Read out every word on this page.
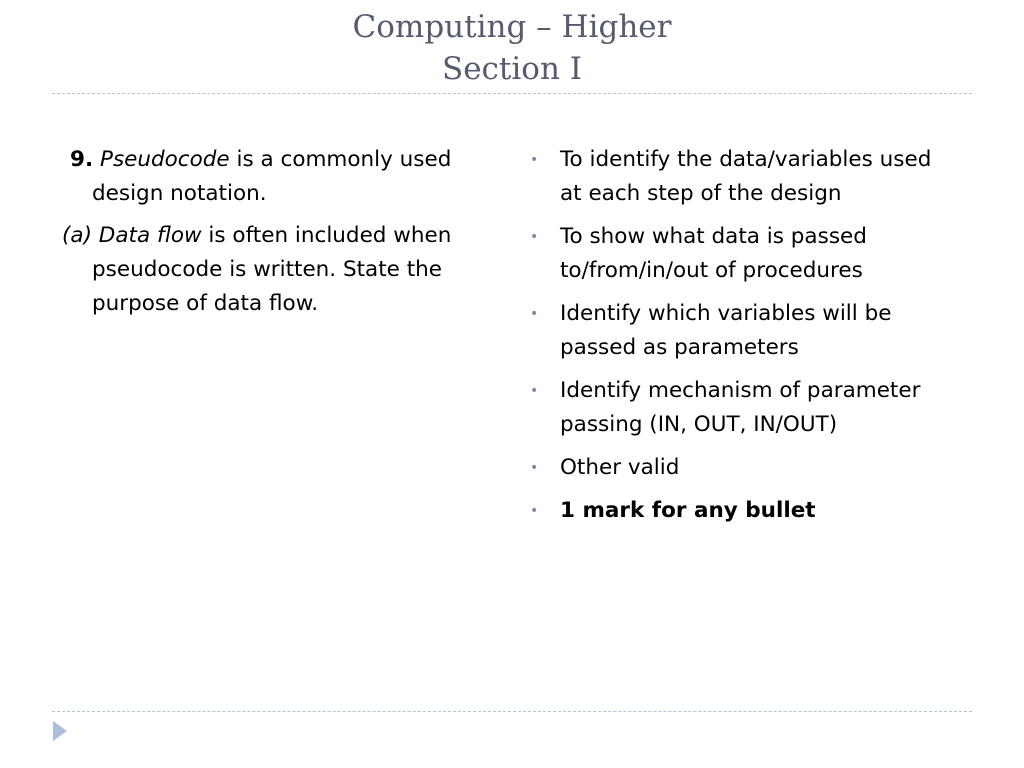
Computing – Higher
Section I

9. Pseudocode is a commonly used design notation.

(a) Data flow is often included when pseudocode is written. State the purpose of data flow.

• To identify the data/variables used at each step of the design
• To show what data is passed to/from/in/out of procedures
• Identify which variables will be passed as parameters
• Identify mechanism of parameter passing (IN, OUT, IN/OUT)
• Other valid
• 1 mark for any bullet
